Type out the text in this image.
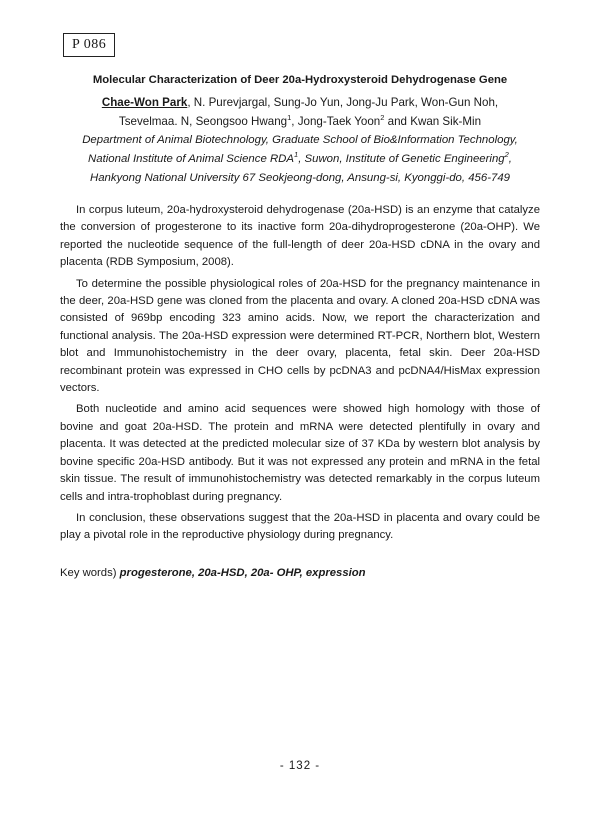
P 086
Molecular Characterization of Deer 20a-Hydroxysteroid Dehydrogenase Gene
Chae-Won Park, N. Purevjargal, Sung-Jo Yun, Jong-Ju Park, Won-Gun Noh,
Tsevelmaa. N, Seongsoo Hwang$^1$, Jong-Taek Yoon$^2$ and Kwan Sik-Min
Department of Animal Biotechnology, Graduate School of Bio&Information Technology,
National Institute of Animal Science RDA$^1$, Suwon, Institute of Genetic Engineering$^2$,
Hankyong National University 67 Seokjeong-dong, Ansung-si, Kyonggi-do, 456-749

In corpus luteum, 20a-hydroxysteroid dehydrogenase (20a-HSD) is an enzyme that catalyze the conversion of progesterone to its inactive form 20a-dihydroprogesterone (20a-OHP). We reported the nucleotide sequence of the full-length of deer 20a-HSD cDNA in the ovary and placenta (RDB Symposium, 2008).

To determine the possible physiological roles of 20a-HSD for the pregnancy maintenance in the deer, 20a-HSD gene was cloned from the placenta and ovary. A cloned 20a-HSD cDNA was consisted of 969bp encoding 323 amino acids. Now, we report the characterization and functional analysis. The 20a-HSD expression were determined RT-PCR, Northern blot, Western blot and Immunohistochemistry in the deer ovary, placenta, fetal skin. Deer 20a-HSD recombinant protein was expressed in CHO cells by pcDNA3 and pcDNA4/HisMax expression vectors.

Both nucleotide and amino acid sequences were showed high homology with those of bovine and goat 20a-HSD. The protein and mRNA were detected plentifully in ovary and placenta. It was detected at the predicted molecular size of 37 KDa by western blot analysis by bovine specific 20a-HSD antibody. But it was not expressed any protein and mRNA in the fetal skin tissue. The result of immunohistochemistry was detected remarkably in the corpus luteum cells and intra-trophoblast during pregnancy.

In conclusion, these observations suggest that the 20a-HSD in placenta and ovary could be play a pivotal role in the reproductive physiology during pregnancy.

Key words) progesterone, 20a-HSD, 20a- OHP, expression
- 132 -
